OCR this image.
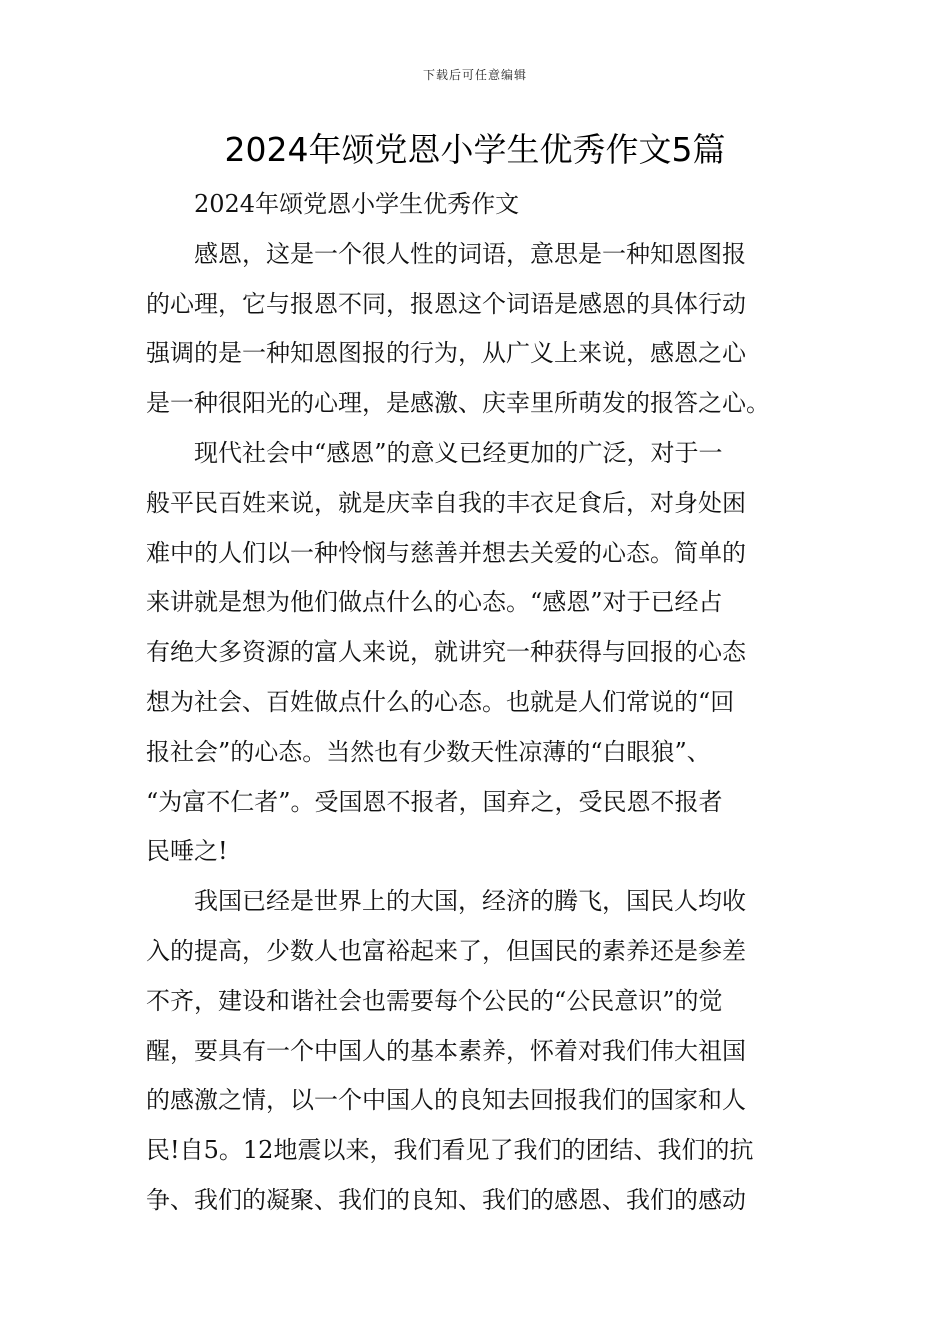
下载后可任意编辑
2024年颂党恩小学生优秀作文5篇

2024年颂党恩小学生优秀作文

感恩，这是一个很人性的词语，意思是一种知恩图报
的心理，它与报恩不同，报恩这个词语是感恩的具体行动
强调的是一种知恩图报的行为，从广义上来说，感恩之心
是一种很阳光的心理，是感激、庆幸里所萌发的报答之心。

现代社会中“感恩”的意义已经更加的广泛，对于一
般平民百姓来说，就是庆幸自我的丰衣足食后，对身处困
难中的人们以一种怜悯与慈善并想去关爱的心态。简单的
来讲就是想为他们做点什么的心态。“感恩”对于已经占
有绝大多资源的富人来说，就讲究一种获得与回报的心态
想为社会、百姓做点什么的心态。也就是人们常说的“回
报社会”的心态。当然也有少数天性凉薄的“白眼狼”、
“为富不仁者”。受国恩不报者，国弃之，受民恩不报者
民唾之!

我国已经是世界上的大国，经济的腾飞，国民人均收
入的提高，少数人也富裕起来了，但国民的素养还是参差
不齐，建设和谐社会也需要每个公民的“公民意识”的觉
醒，要具有一个中国人的基本素养，怀着对我们伟大祖国
的感激之情，以一个中国人的良知去回报我们的国家和人
民!自5。12地震以来，我们看见了我们的团结、我们的抗
争、我们的凝聚、我们的良知、我们的感恩、我们的感动
